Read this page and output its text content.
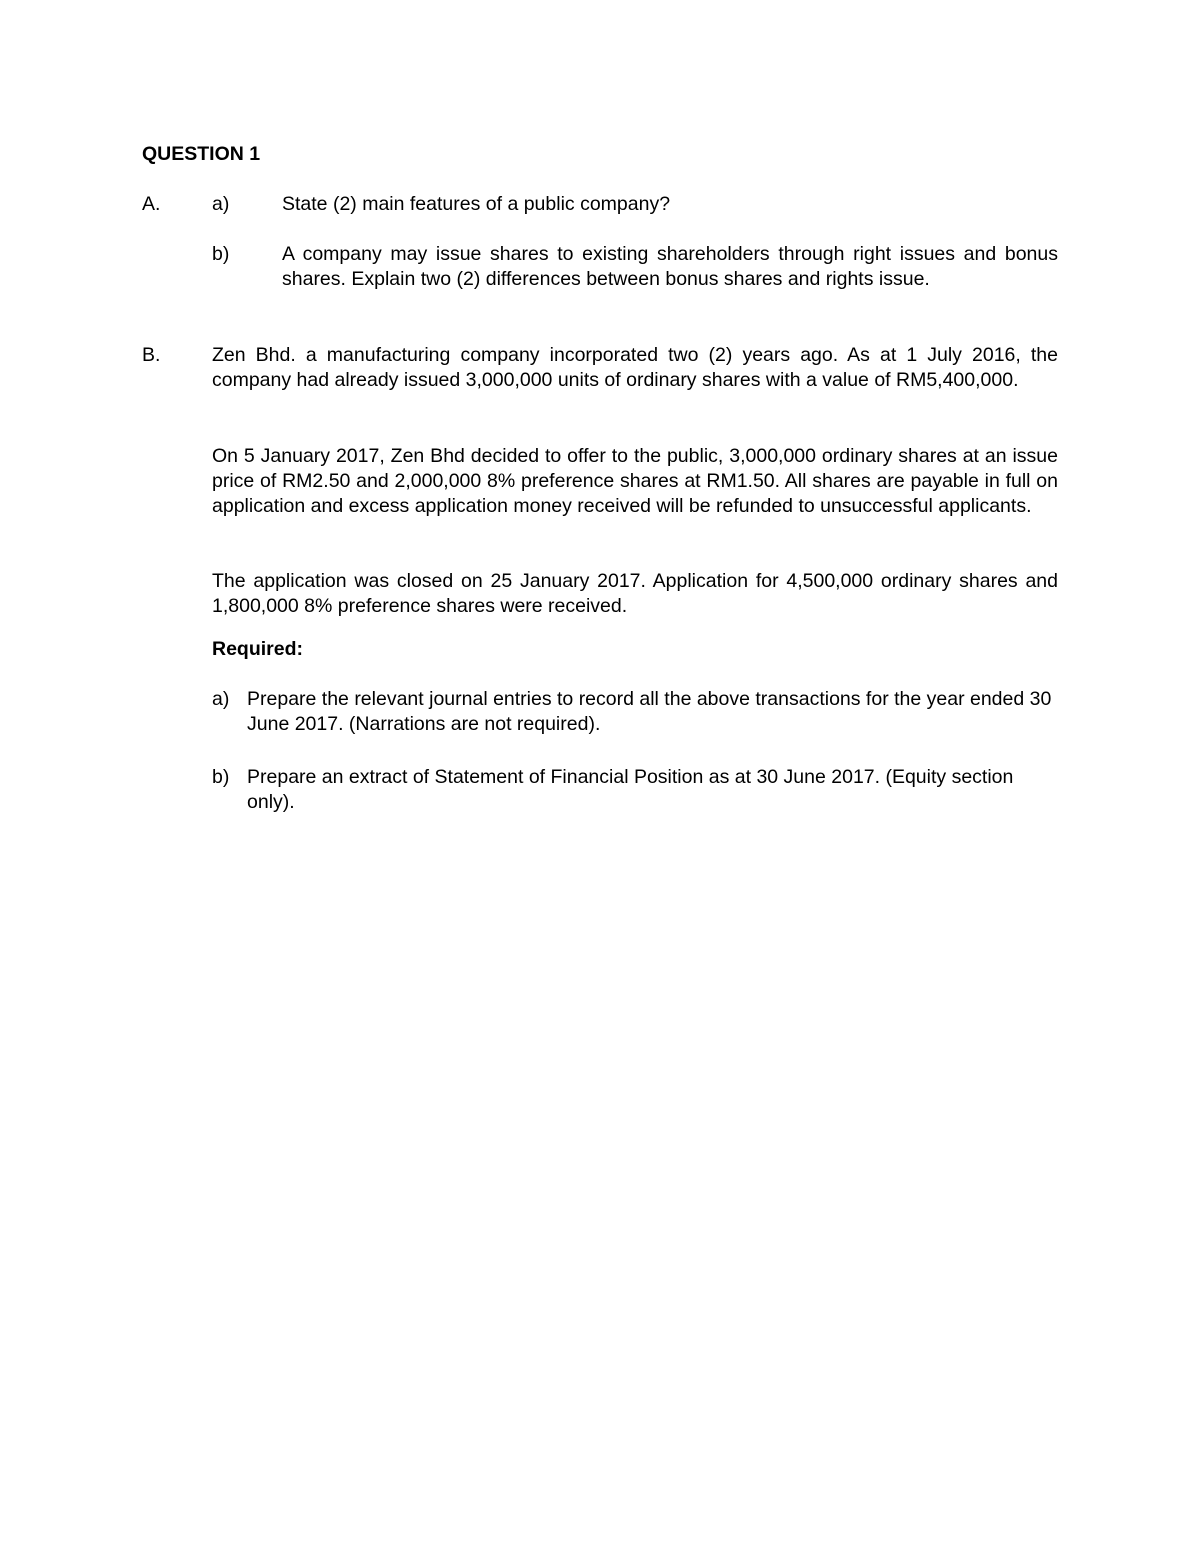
QUESTION 1
A.	a)	State (2) main features of a public company?
b)	A company may issue shares to existing shareholders through right issues and bonus shares. Explain two (2) differences between bonus shares and rights issue.
B.	Zen Bhd. a manufacturing company incorporated two (2) years ago. As at 1 July 2016, the company had already issued 3,000,000 units of ordinary shares with a value of RM5,400,000.
On 5 January 2017, Zen Bhd decided to offer to the public, 3,000,000 ordinary shares at an issue price of RM2.50 and 2,000,000 8% preference shares at RM1.50. All shares are payable in full on application and excess application money received will be refunded to unsuccessful applicants.
The application was closed on 25 January 2017. Application for 4,500,000 ordinary shares and 1,800,000 8% preference shares were received.
Required:
a) Prepare the relevant journal entries to record all the above transactions for the year ended 30 June 2017. (Narrations are not required).
b) Prepare an extract of Statement of Financial Position as at 30 June 2017. (Equity section only).
